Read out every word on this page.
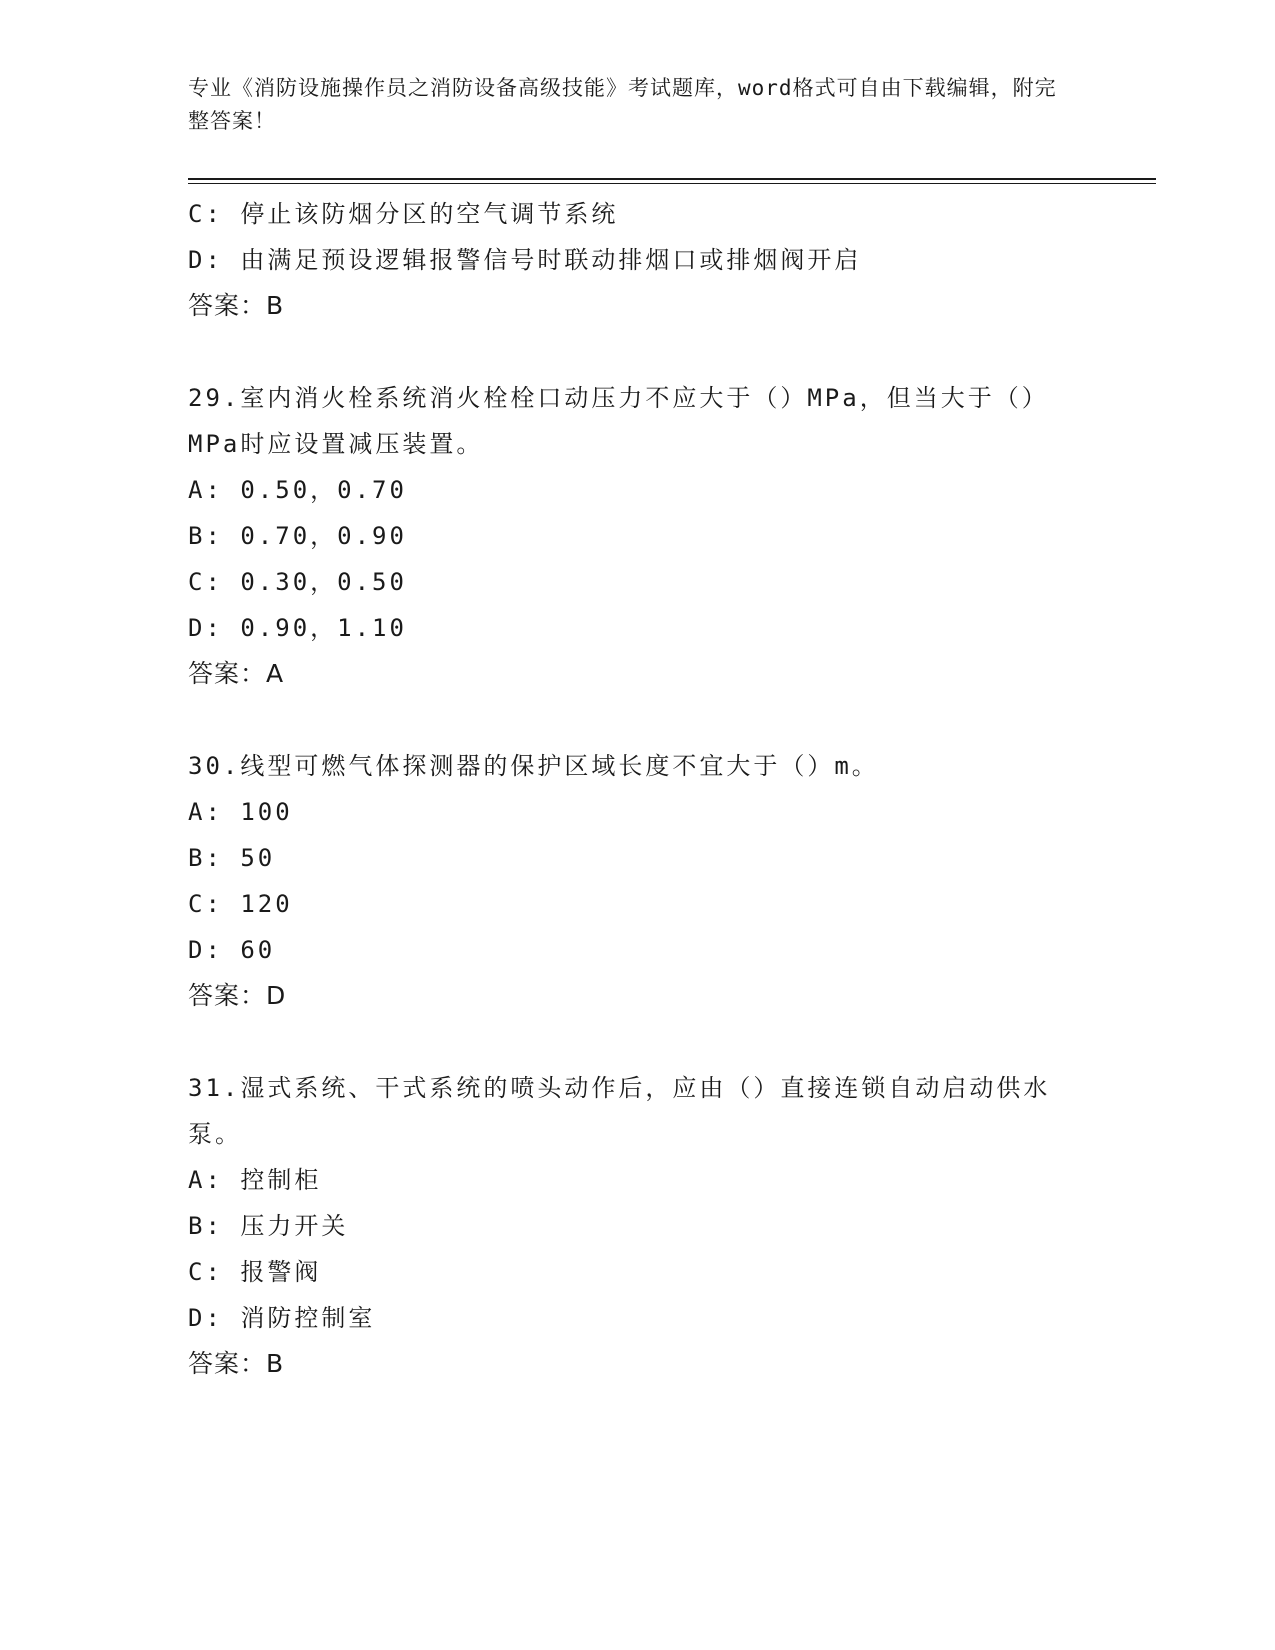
专业《消防设施操作员之消防设备高级技能》考试题库，word格式可自由下载编辑，附完整答案！
C: 停止该防烟分区的空气调节系统
D: 由满足预设逻辑报警信号时联动排烟口或排烟阀开启
答案：B
29.室内消火栓系统消火栓栓口动压力不应大于（）MPa，但当大于（）MPa时应设置减压装置。
A: 0.50，0.70
B: 0.70，0.90
C: 0.30，0.50
D: 0.90，1.10
答案：A
30.线型可燃气体探测器的保护区域长度不宜大于（）m。
A: 100
B: 50
C: 120
D: 60
答案：D
31.湿式系统、干式系统的喷头动作后，应由（）直接连锁自动启动供水泵。
A: 控制柜
B: 压力开关
C: 报警阀
D: 消防控制室
答案：B
